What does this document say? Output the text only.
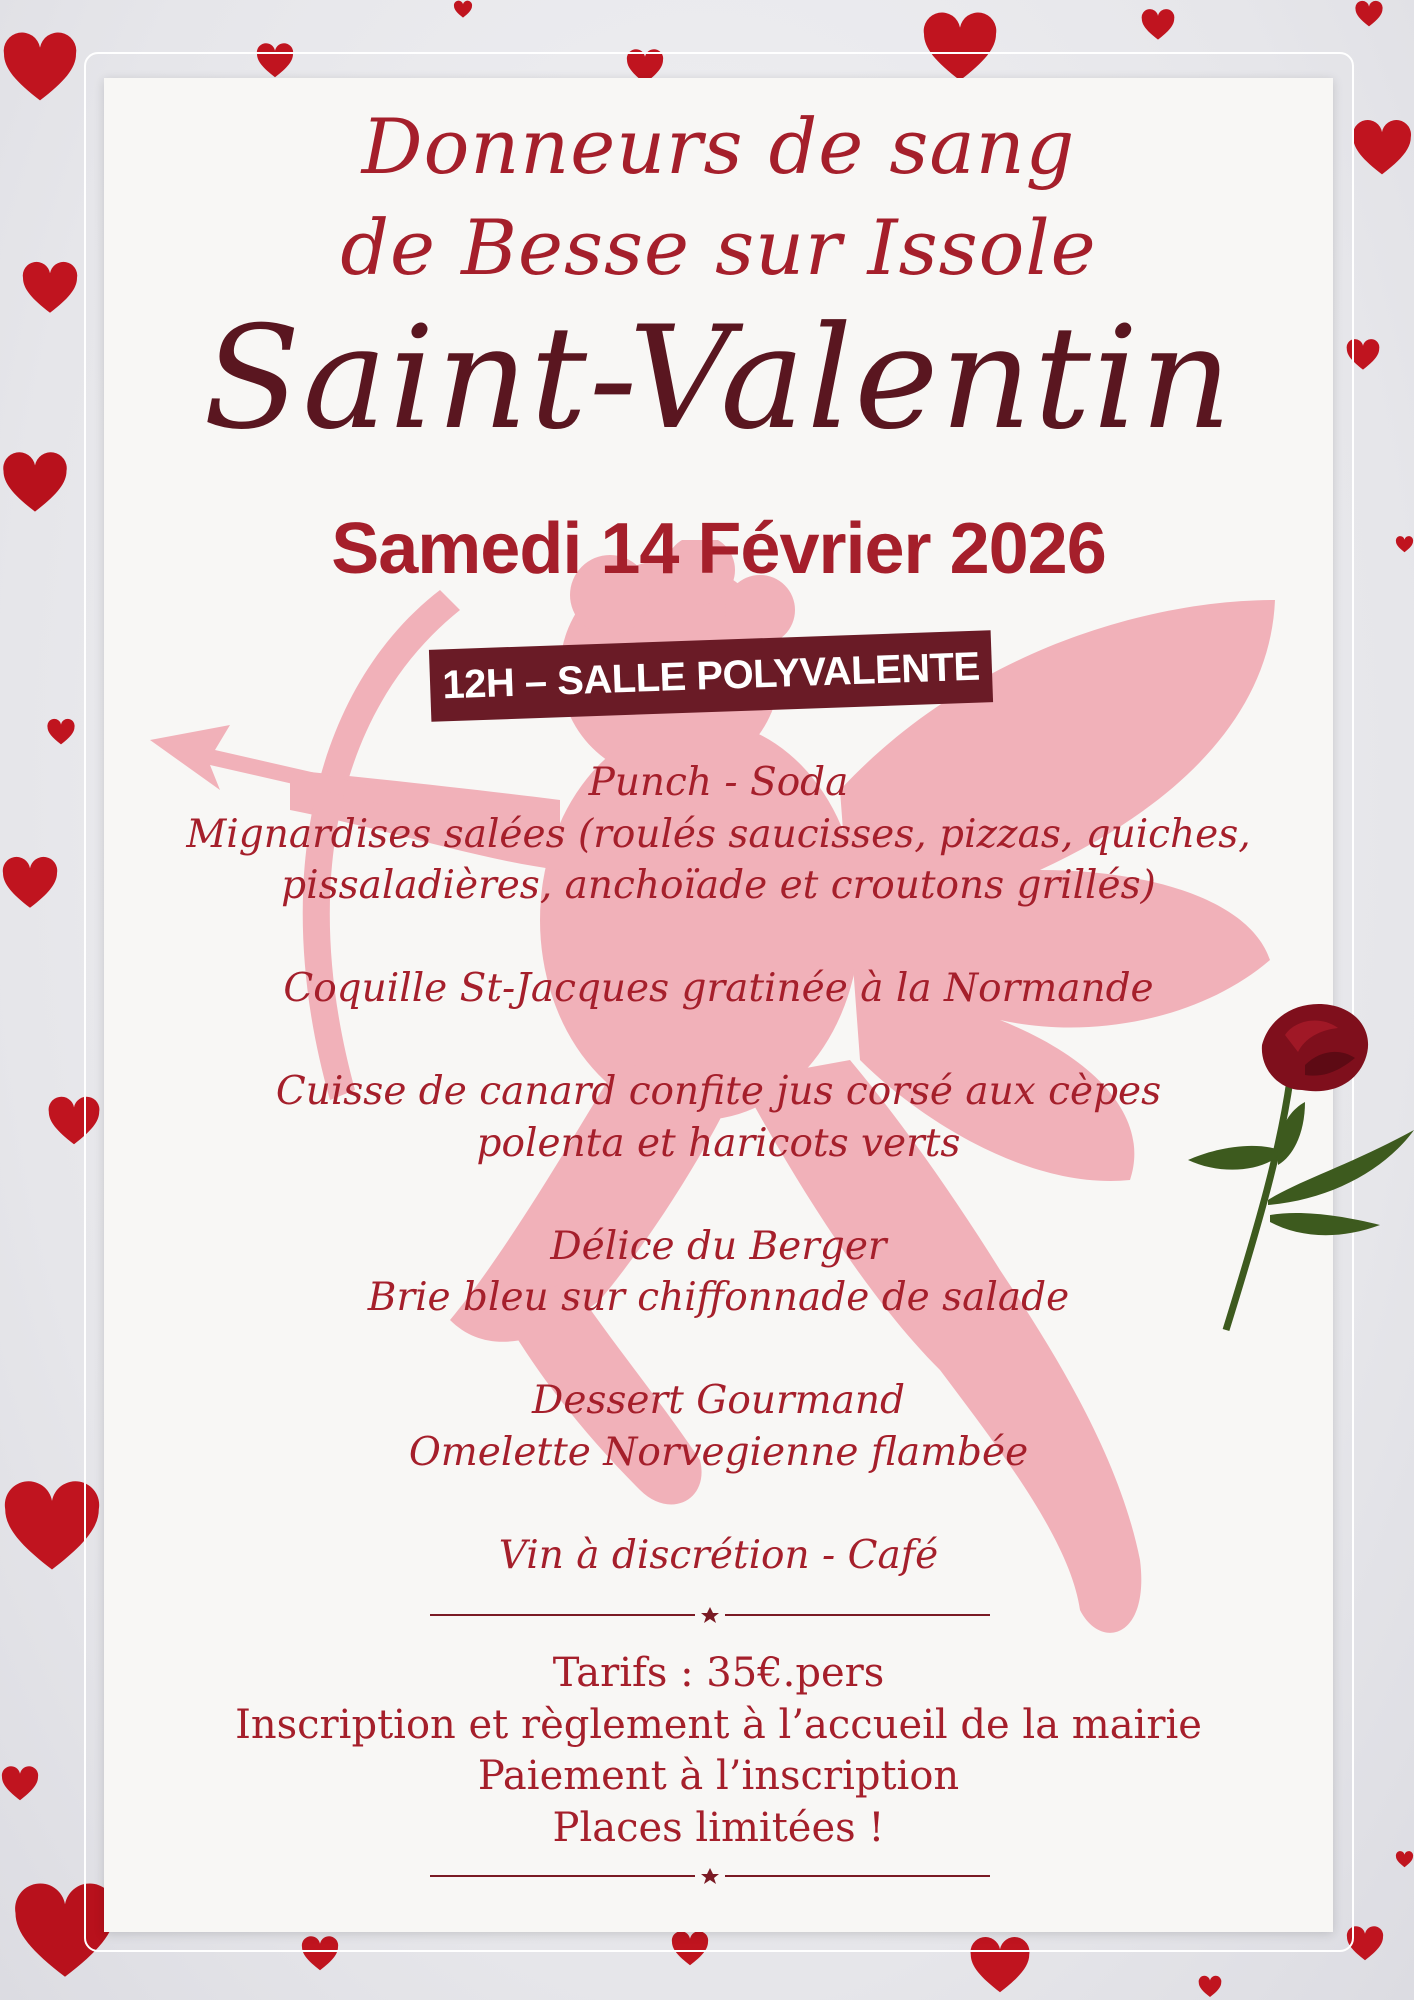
Donneurs de sang
de Besse sur Issole
Saint-Valentin
Samedi 14 Février 2026
12H – SALLE POLYVALENTE
Punch - Soda
Mignardises salées (roulés saucisses, pizzas, quiches,
pissaladières, anchoïade et croutons grillés)
Coquille St-Jacques gratinée à la Normande
Cuisse de canard confite jus corsé aux cèpes
polenta et haricots verts
Délice du Berger
Brie bleu sur chiffonnade de salade
Dessert Gourmand
Omelette Norvegienne flambée
Vin à discrétion - Café
Tarifs : 35€.pers
Inscription et règlement à l’accueil de la mairie
Paiement à l’inscription
Places limitées !
